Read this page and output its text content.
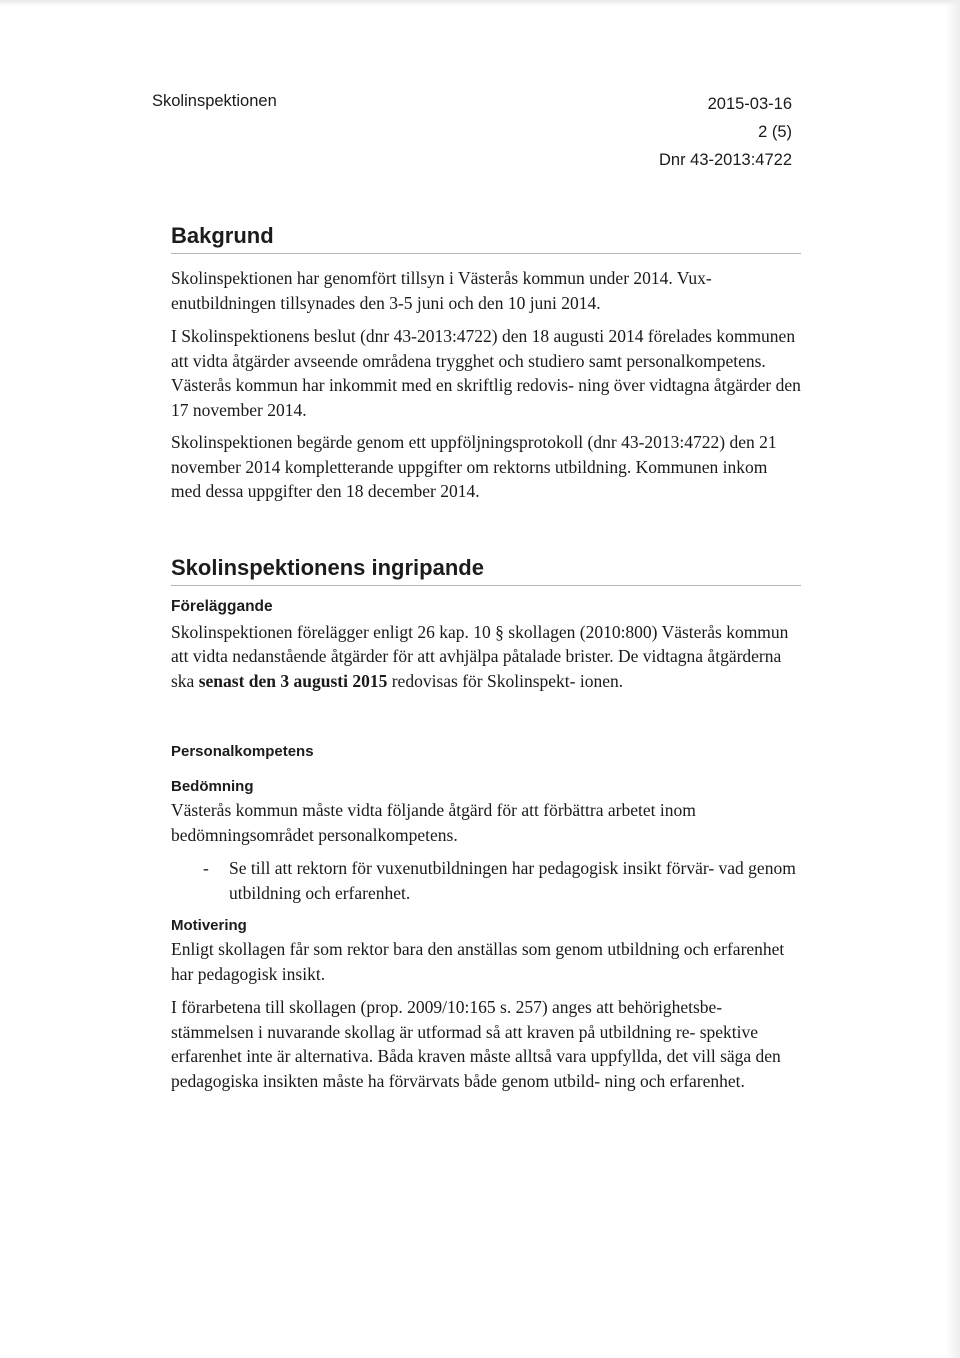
Skolinspektionen	2015-03-16
2 (5)
Dnr 43-2013:4722
Bakgrund

Skolinspektionen har genomfört tillsyn i Västerås kommun under 2014. Vux- enutbildningen tillsynades den 3-5 juni och den 10 juni 2014.

I Skolinspektionens beslut (dnr 43-2013:4722) den 18 augusti 2014 förelades kommunen att vidta åtgärder avseende områdena trygghet och studiero samt personalkompetens. Västerås kommun har inkommit med en skriftlig redovis- ning över vidtagna åtgärder den 17 november 2014.

Skolinspektionen begärde genom ett uppföljningsprotokoll (dnr 43-2013:4722) den 21 november 2014 kompletterande uppgifter om rektorns utbildning. Kommunen inkom med dessa uppgifter den 18 december 2014.

Skolinspektionens ingripande
Föreläggande

Skolinspektionen förelägger enligt 26 kap. 10 § skollagen (2010:800) Västerås kommun att vidta nedanstående åtgärder för att avhjälpa påtalade brister. De vidtagna åtgärderna ska senast den 3 augusti 2015 redovisas för Skolinspekt- ionen.

Personalkompetens
Bedömning

Västerås kommun måste vidta följande åtgärd för att förbättra arbetet inom bedömningsområdet personalkompetens.

- Se till att rektorn för vuxenutbildningen har pedagogisk insikt förvär- vad genom utbildning och erfarenhet.
Motivering

Enligt skollagen får som rektor bara den anställas som genom utbildning och erfarenhet har pedagogisk insikt.

I förarbetena till skollagen (prop. 2009/10:165 s. 257) anges att behörighetsbe- stämmelsen i nuvarande skollag är utformad så att kraven på utbildning re- spektive erfarenhet inte är alternativa. Båda kraven måste alltså vara uppfyllda, det vill säga den pedagogiska insikten måste ha förvärvats både genom utbild- ning och erfarenhet.
